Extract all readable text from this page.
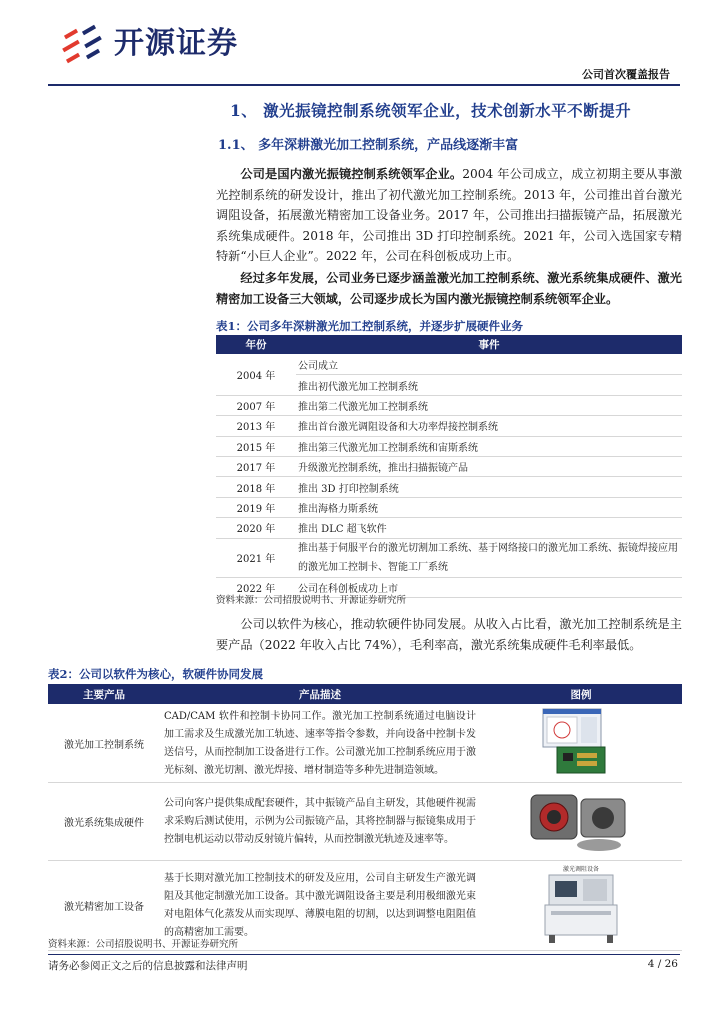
开源证券
公司首次覆盖报告
1、 激光振镜控制系统领军企业，技术创新水平不断提升
1.1、 多年深耕激光加工控制系统，产品线逐渐丰富

公司是国内激光振镜控制系统领军企业。2004 年公司成立，成立初期主要从事激光控制系统的研发设计，推出了初代激光加工控制系统。2013 年，公司推出首台激光调阻设备，拓展激光精密加工设备业务。2017 年，公司推出扫描振镜产品，拓展激光系统集成硬件。2018 年，公司推出 3D 打印控制系统。2021 年，公司入选国家专精特新“小巨人企业”。2022 年，公司在科创板成功上市。

经过多年发展，公司业务已逐步涵盖激光加工控制系统、激光系统集成硬件、激光精密加工设备三大领域，公司逐步成长为国内激光振镜控制系统领军企业。

表1：公司多年深耕激光加工控制系统，并逐步扩展硬件业务
年份	事件
2004 年	公司成立
	推出初代激光加工控制系统
2007 年	推出第二代激光加工控制系统
2013 年	推出首台激光调阻设备和大功率焊接控制系统
2015 年	推出第三代激光加工控制系统和宙斯系统
2017 年	升级激光控制系统，推出扫描振镜产品
2018 年	推出 3D 打印控制系统
2019 年	推出海格力斯系统
2020 年	推出 DLC 超飞软件
2021 年	推出基于伺服平台的激光切割加工系统、基于网络接口的激光加工系统、振镜焊接应用的激光加工控制卡、智能工厂系统
2022 年	公司在科创板成功上市
资料来源：公司招股说明书、开源证券研究所

公司以软件为核心，推动软硬件协同发展。从收入占比看，激光加工控制系统是主要产品（2022 年收入占比 74%），毛利率高，激光系统集成硬件毛利率最低。

表2：公司以软件为核心，软硬件协同发展
主要产品	产品描述	图例
激光加工控制系统	CAD/CAM 软件和控制卡协同工作。激光加工控制系统通过电脑设计加工需求及生成激光加工轨迹、速率等指令参数，并向设备中控制卡发送信号，从而控制加工设备进行工作。公司激光加工控制系统应用于激光标刻、激光切割、激光焊接、增材制造等多种先进制造领域。	
激光系统集成硬件	公司向客户提供集成配套硬件，其中振镜产品自主研发，其他硬件视需求采购后测试使用，示例为公司振镜产品，其将控制器与振镜集成用于控制电机运动以带动反射镜片偏转，从而控制激光轨迹及速率等。	
激光精密加工设备	基于长期对激光加工控制技术的研发及应用，公司自主研发生产激光调阻及其他定制激光加工设备。其中激光调阻设备主要是利用极细激光束对电阻体气化蒸发从而实现厚、薄膜电阻的切割，以达到调整电阻阻值的高精密加工需要。	激光调阻设备
资料来源：公司招股说明书、开源证券研究所
请务必参阅正文之后的信息披露和法律声明	4 / 26
